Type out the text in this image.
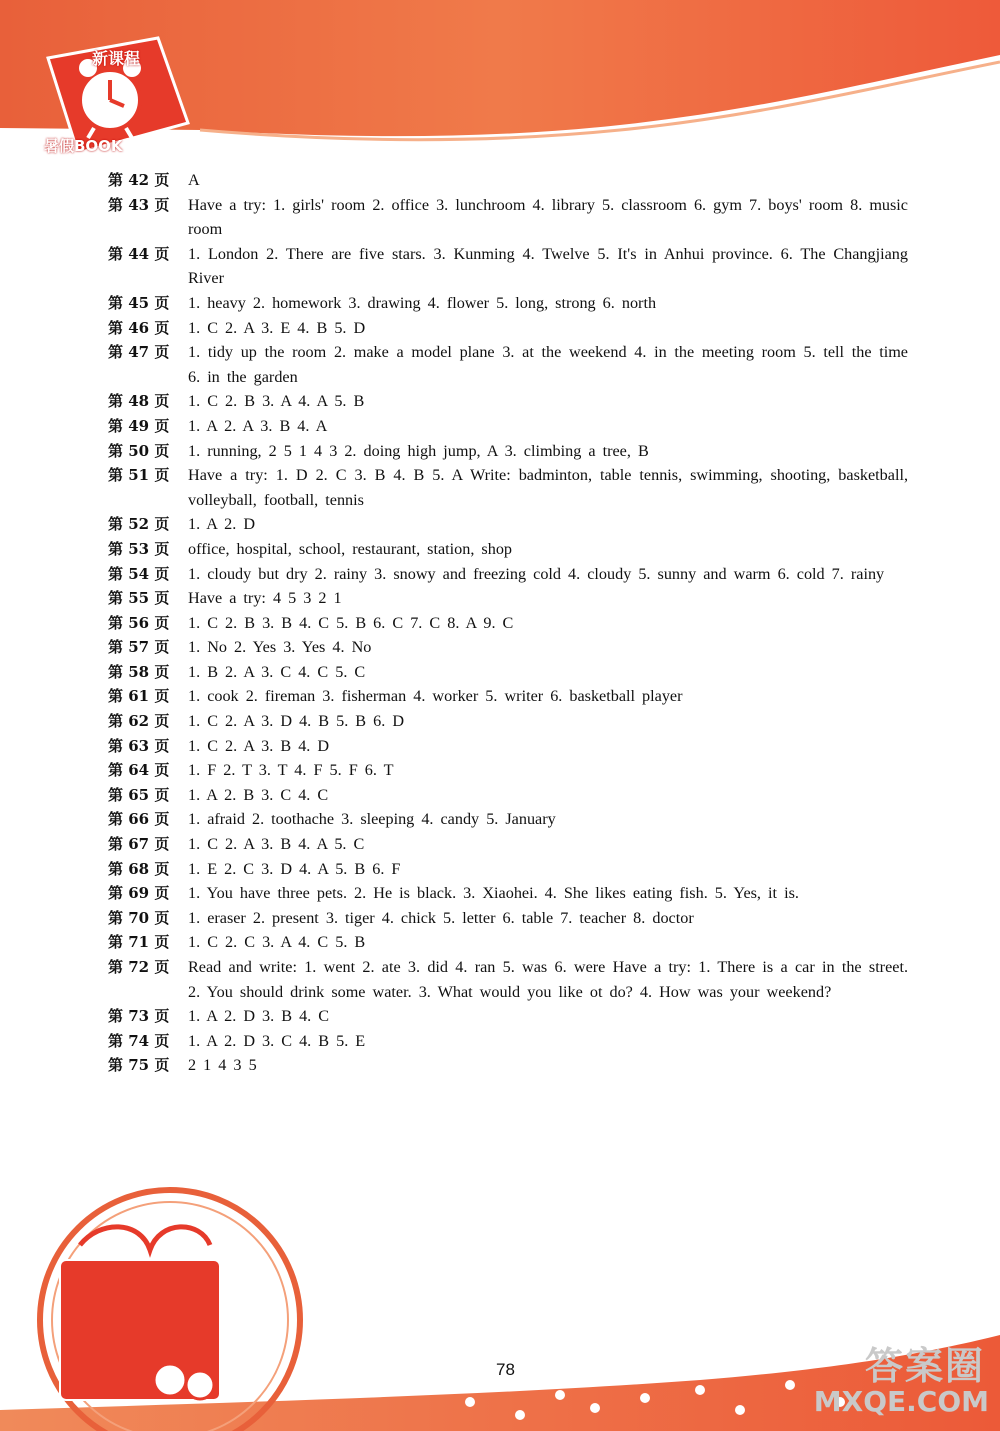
新课程
暑假BOOK
第 42 页	A
第 43 页	Have a try: 1. girls' room 2. office 3. lunchroom 4. library 5. classroom 6. gym 7. boys' room 8. music room
第 44 页	1. London 2. There are five stars. 3. Kunming 4. Twelve 5. It's in Anhui province. 6. The Changjiang River
第 45 页	1. heavy 2. homework 3. drawing 4. flower 5. long, strong 6. north
第 46 页	1. C 2. A 3. E 4. B 5. D
第 47 页	1. tidy up the room 2. make a model plane 3. at the weekend 4. in the meeting room 5. tell the time 6. in the garden
第 48 页	1. C 2. B 3. A 4. A 5. B
第 49 页	1. A 2. A 3. B 4. A
第 50 页	1. running, 2 5 1 4 3 2. doing high jump, A 3. climbing a tree, B
第 51 页	Have a try: 1. D 2. C 3. B 4. B 5. A Write: badminton, table tennis, swimming, shooting, basketball, volleyball, football, tennis
第 52 页	1. A 2. D
第 53 页	office, hospital, school, restaurant, station, shop
第 54 页	1. cloudy but dry 2. rainy 3. snowy and freezing cold 4. cloudy 5. sunny and warm 6. cold 7. rainy
第 55 页	Have a try: 4 5 3 2 1
第 56 页	1. C 2. B 3. B 4. C 5. B 6. C 7. C 8. A 9. C
第 57 页	1. No 2. Yes 3. Yes 4. No
第 58 页	1. B 2. A 3. C 4. C 5. C
第 61 页	1. cook 2. fireman 3. fisherman 4. worker 5. writer 6. basketball player
第 62 页	1. C 2. A 3. D 4. B 5. B 6. D
第 63 页	1. C 2. A 3. B 4. D
第 64 页	1. F 2. T 3. T 4. F 5. F 6. T
第 65 页	1. A 2. B 3. C 4. C
第 66 页	1. afraid 2. toothache 3. sleeping 4. candy 5. January
第 67 页	1. C 2. A 3. B 4. A 5. C
第 68 页	1. E 2. C 3. D 4. A 5. B 6. F
第 69 页	1. You have three pets. 2. He is black. 3. Xiaohei. 4. She likes eating fish. 5. Yes, it is.
第 70 页	1. eraser 2. present 3. tiger 4. chick 5. letter 6. table 7. teacher 8. doctor
第 71 页	1. C 2. C 3. A 4. C 5. B
第 72 页	Read and write: 1. went 2. ate 3. did 4. ran 5. was 6. were Have a try: 1. There is a car in the street. 2. You should drink some water. 3. What would you like ot do? 4. How was your weekend?
第 73 页	1. A 2. D 3. B 4. C
第 74 页	1. A 2. D 3. C 4. B 5. E
第 75 页	2 1 4 3 5
78	答案圈
MXQE.COM
